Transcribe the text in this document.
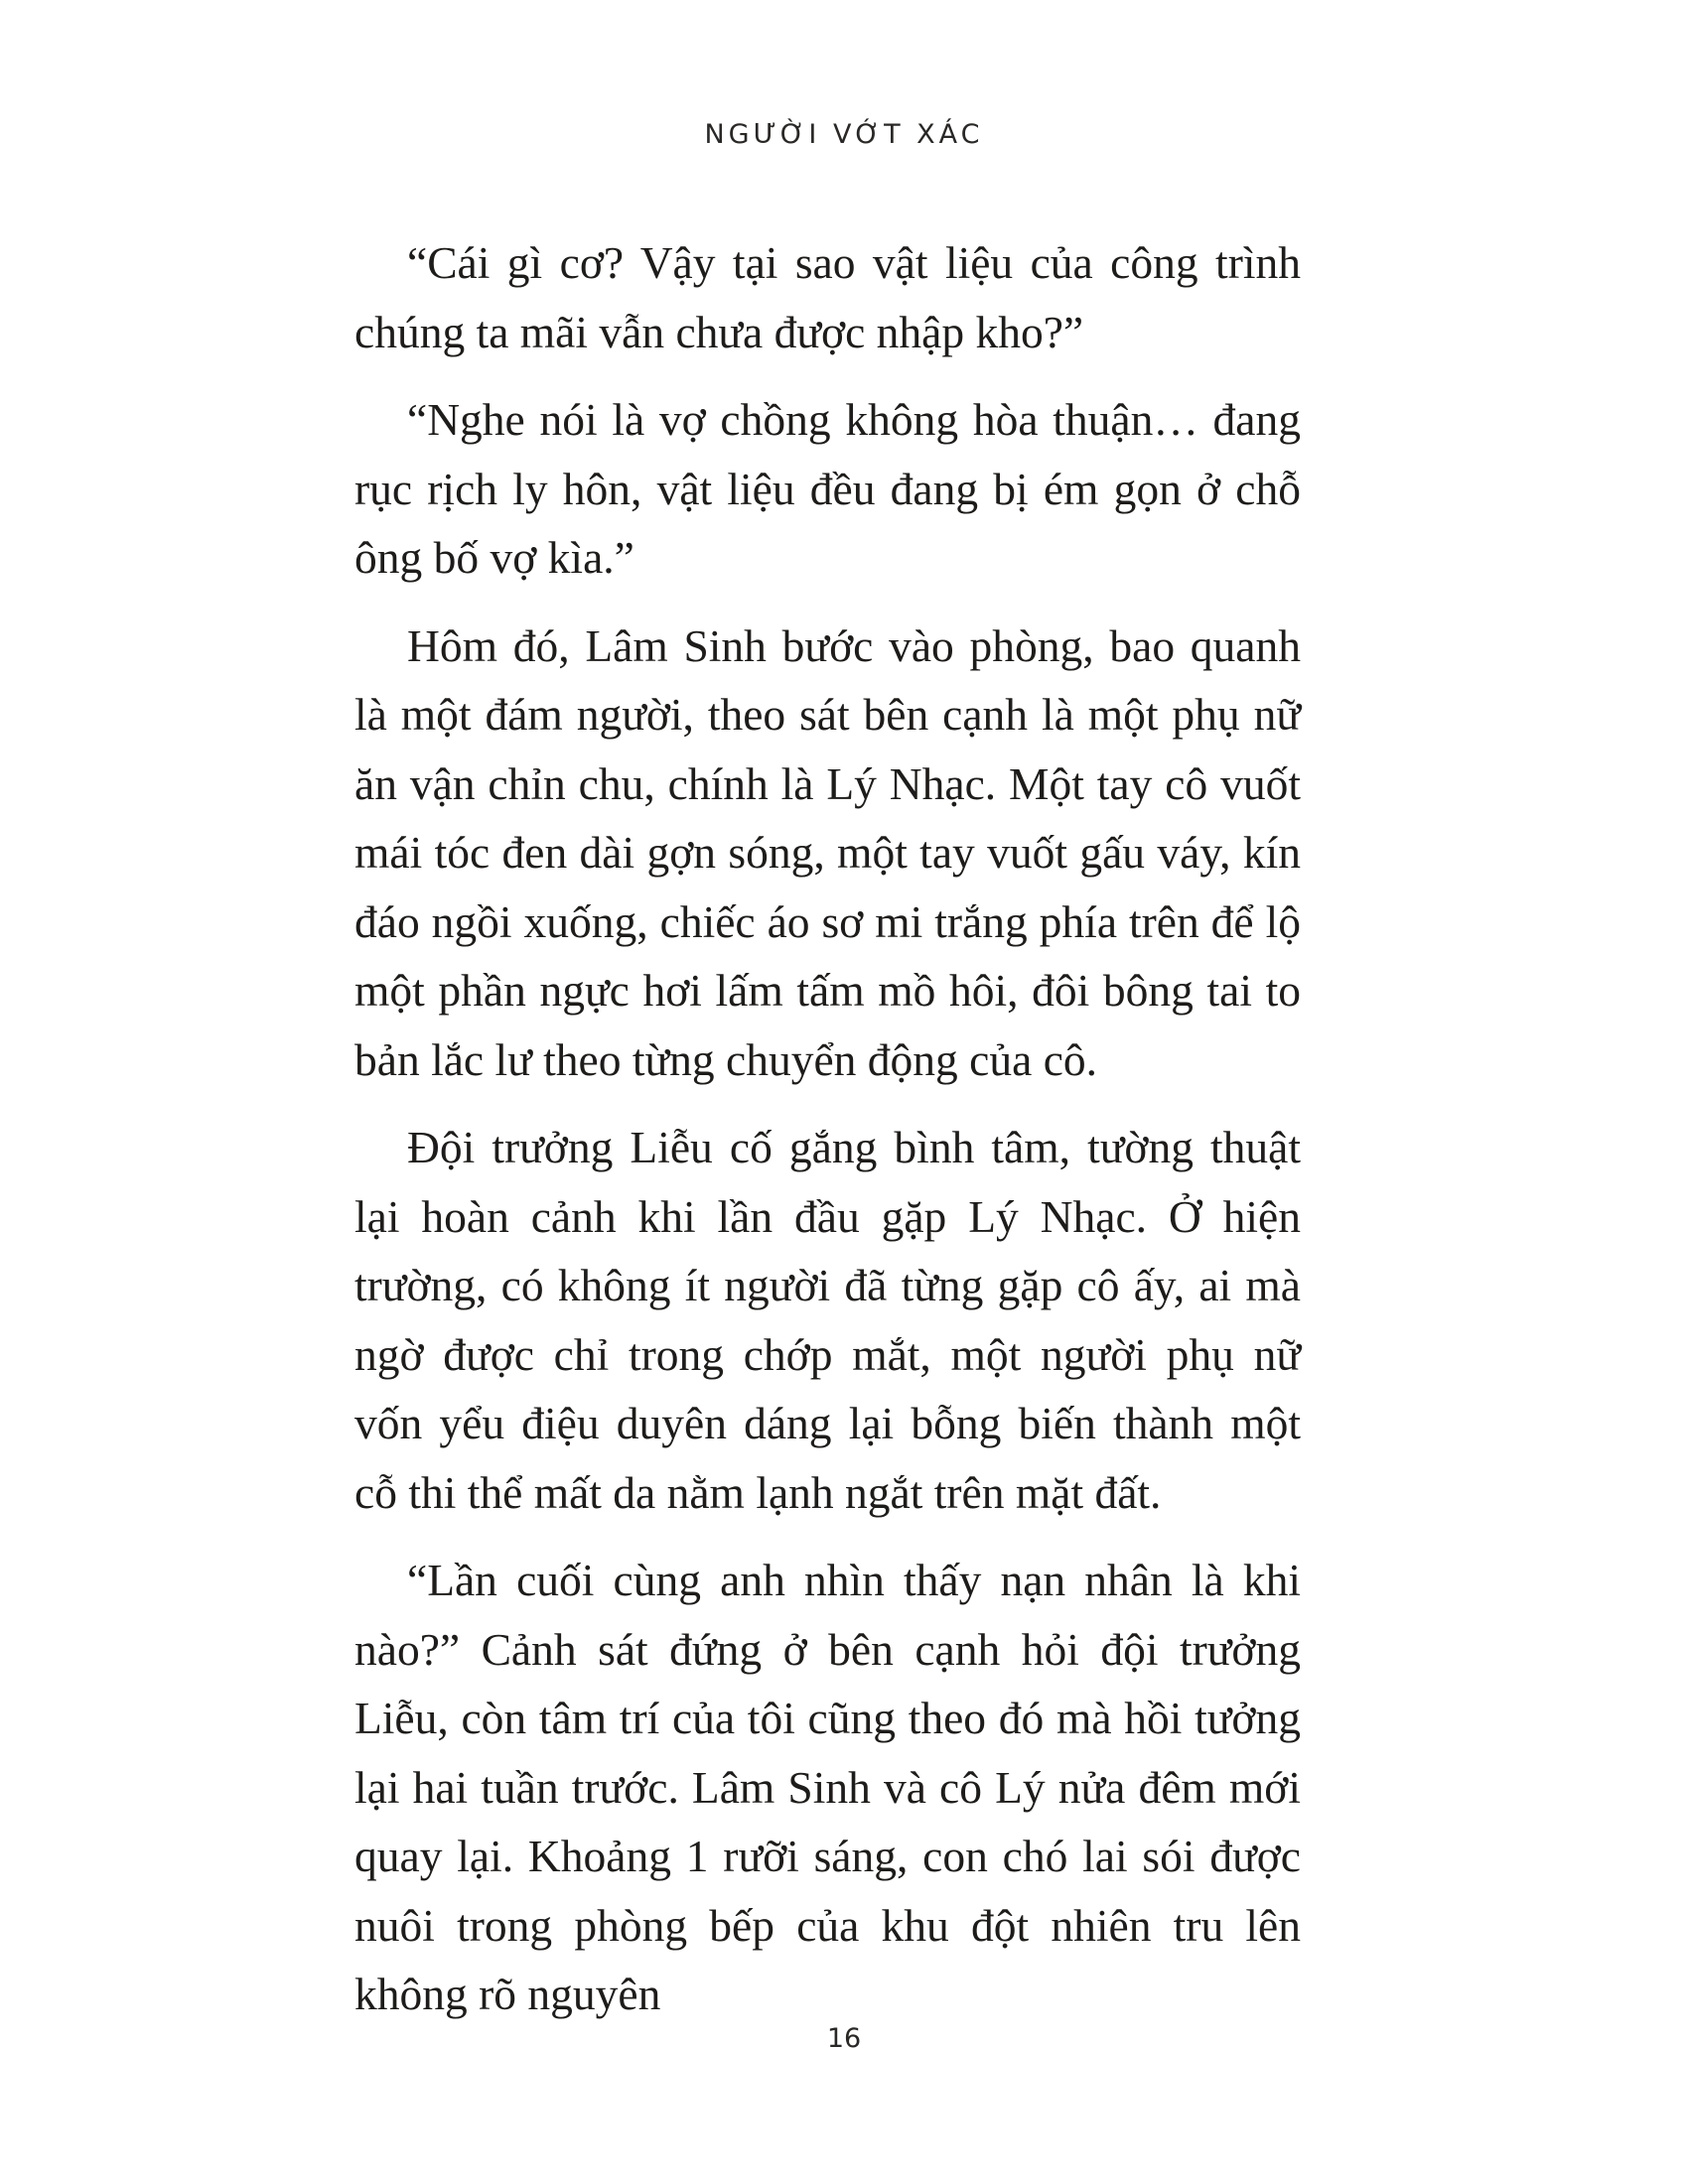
NGƯỜI VỚT XÁC

“Cái gì cơ? Vậy tại sao vật liệu của công trình chúng ta mãi vẫn chưa được nhập kho?”

“Nghe nói là vợ chồng không hòa thuận… đang rục rịch ly hôn, vật liệu đều đang bị ém gọn ở chỗ ông bố vợ kìa.”

Hôm đó, Lâm Sinh bước vào phòng, bao quanh là một đám người, theo sát bên cạnh là một phụ nữ ăn vận chỉn chu, chính là Lý Nhạc. Một tay cô vuốt mái tóc đen dài gợn sóng, một tay vuốt gấu váy, kín đáo ngồi xuống, chiếc áo sơ mi trắng phía trên để lộ một phần ngực hơi lấm tấm mồ hôi, đôi bông tai to bản lắc lư theo từng chuyển động của cô.

Đội trưởng Liễu cố gắng bình tâm, tường thuật lại hoàn cảnh khi lần đầu gặp Lý Nhạc. Ở hiện trường, có không ít người đã từng gặp cô ấy, ai mà ngờ được chỉ trong chớp mắt, một người phụ nữ vốn yểu điệu duyên dáng lại bỗng biến thành một cỗ thi thể mất da nằm lạnh ngắt trên mặt đất.

“Lần cuối cùng anh nhìn thấy nạn nhân là khi nào?” Cảnh sát đứng ở bên cạnh hỏi đội trưởng Liễu, còn tâm trí của tôi cũng theo đó mà hồi tưởng lại hai tuần trước. Lâm Sinh và cô Lý nửa đêm mới quay lại. Khoảng 1 rưỡi sáng, con chó lai sói được nuôi trong phòng bếp của khu đột nhiên tru lên không rõ nguyên

16
